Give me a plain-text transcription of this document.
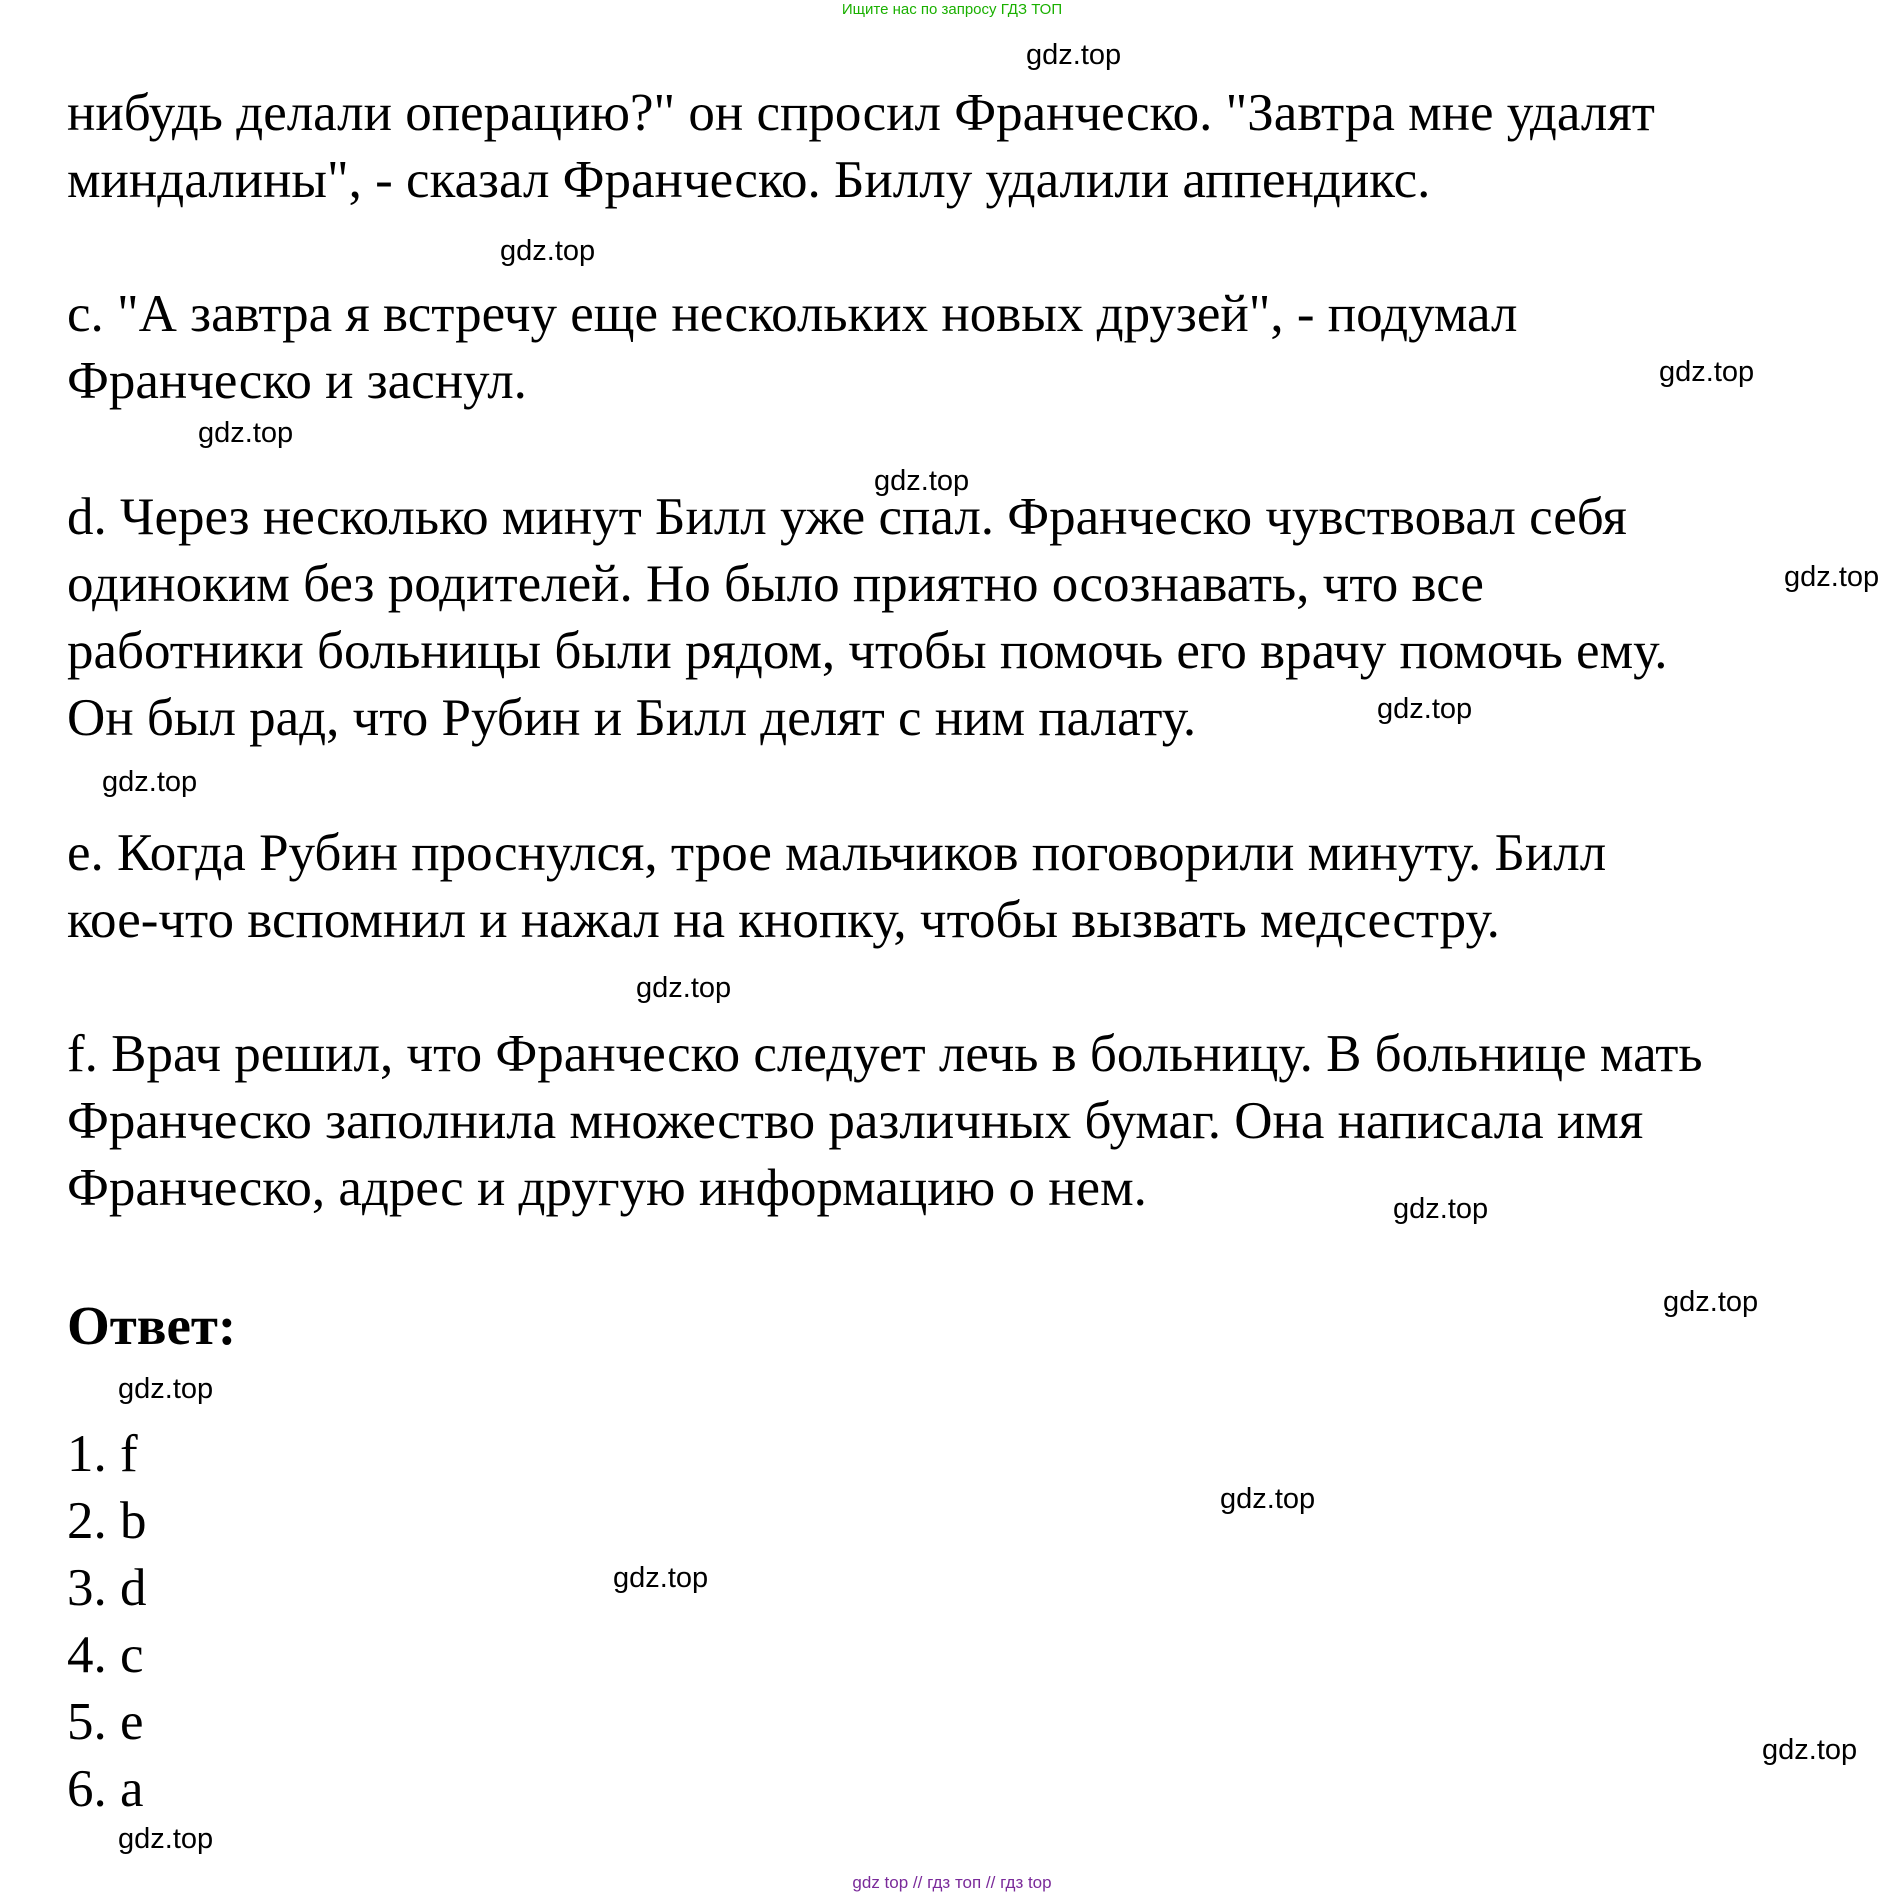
Ищите нас по запросу ГДЗ ТОП

нибудь делали операцию?" он спросил Франческо. "Завтра мне удалят
миндалины", - сказал Франческо. Биллу удалили аппендикс.

c. "А завтра я встречу еще нескольких новых друзей", - подумал
Франческо и заснул.

d. Через несколько минут Билл уже спал. Франческо чувствовал себя
одиноким без родителей. Но было приятно осознавать, что все
работники больницы были рядом, чтобы помочь его врачу помочь ему.
Он был рад, что Рубин и Билл делят с ним палату.

e. Когда Рубин проснулся, трое мальчиков поговорили минуту. Билл
кое-что вспомнил и нажал на кнопку, чтобы вызвать медсестру.

f. Врач решил, что Франческо следует лечь в больницу. В больнице мать
Франческо заполнила множество различных бумаг. Она написала имя
Франческо, адрес и другую информацию о нем.

Ответ:
1. f
2. b
3. d
4. c
5. e
6. a
gdz.top
gdz.top
gdz.top
gdz.top
gdz.top
gdz.top
gdz.top
gdz.top
gdz.top
gdz.top
gdz.top
gdz.top
gdz.top
gdz.top
gdz.top
gdz.top
gdz top // гдз топ // гдз top
